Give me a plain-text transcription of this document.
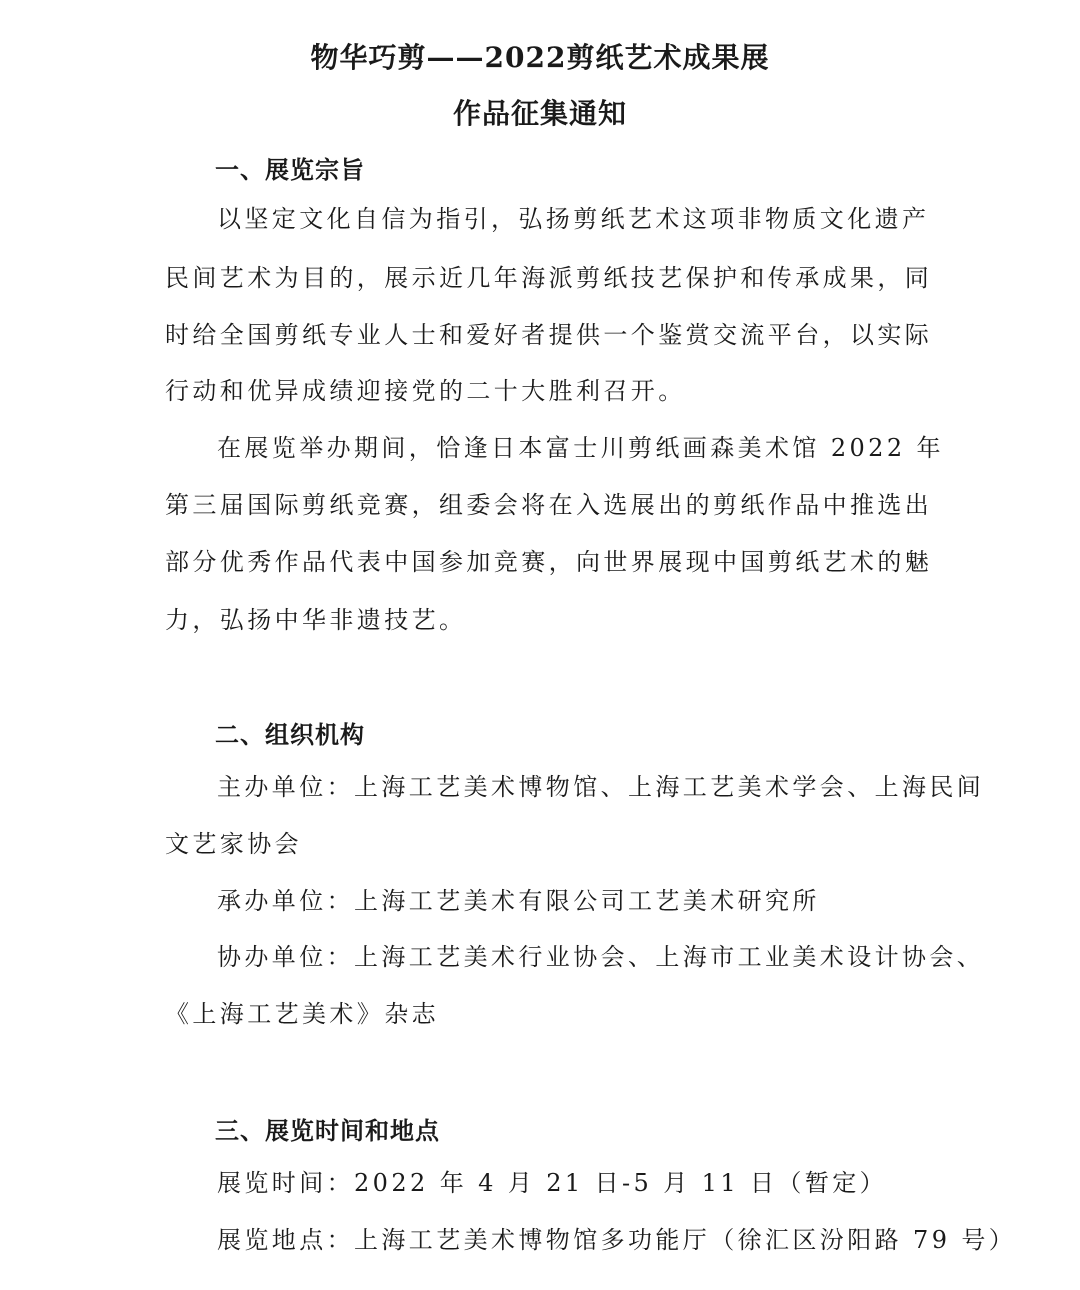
物华巧剪——2022剪纸艺术成果展
作品征集通知
一、展览宗旨
以坚定文化自信为指引，弘扬剪纸艺术这项非物质文化遗产
民间艺术为目的，展示近几年海派剪纸技艺保护和传承成果，同
时给全国剪纸专业人士和爱好者提供一个鉴赏交流平台，以实际
行动和优异成绩迎接党的二十大胜利召开。
在展览举办期间，恰逢日本富士川剪纸画森美术馆 2022 年
第三届国际剪纸竞赛，组委会将在入选展出的剪纸作品中推选出
部分优秀作品代表中国参加竞赛，向世界展现中国剪纸艺术的魅
力，弘扬中华非遗技艺。
二、组织机构
主办单位：上海工艺美术博物馆、上海工艺美术学会、上海民间
文艺家协会
承办单位：上海工艺美术有限公司工艺美术研究所
协办单位：上海工艺美术行业协会、上海市工业美术设计协会、
《上海工艺美术》杂志
三、展览时间和地点
展览时间：2022 年 4 月 21 日-5 月 11 日（暂定）
展览地点：上海工艺美术博物馆多功能厅（徐汇区汾阳路 79 号）
